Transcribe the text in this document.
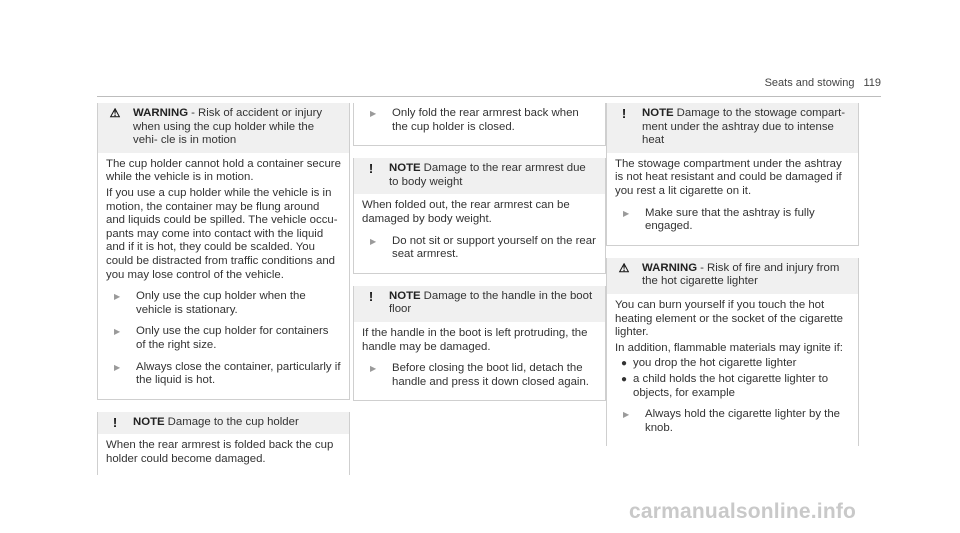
Seats and stowing 119
⚠ WARNING - Risk of accident or injury when using the cup holder while the vehi- cle is in motion

The cup holder cannot hold a container secure while the vehicle is in motion.

If you use a cup holder while the vehicle is in motion, the container may be flung around and liquids could be spilled. The vehicle occu- pants may come into contact with the liquid and if it is hot, they could be scalded. You could be distracted from traffic conditions and you may lose control of the vehicle.

▶	Only use the cup holder when the vehicle is stationary.
▶	Only use the cup holder for containers of the right size.
▶	Always close the container, particularly if the liquid is hot.
!	NOTE Damage to the cup holder

When the rear armrest is folded back the cup holder could become damaged.

▶	Only fold the rear armrest back when the cup holder is closed.
!	NOTE Damage to the rear armrest due to body weight

When folded out, the rear armrest can be damaged by body weight.

▶	Do not sit or support yourself on the rear seat armrest.
!	NOTE Damage to the handle in the boot floor

If the handle in the boot is left protruding, the handle may be damaged.

▶	Before closing the boot lid, detach the handle and press it down closed again.
!	NOTE Damage to the stowage compart- ment under the ashtray due to intense heat

The stowage compartment under the ashtray is not heat resistant and could be damaged if you rest a lit cigarette on it.

▶	Make sure that the ashtray is fully engaged.
⚠ WARNING - Risk of fire and injury from the hot cigarette lighter

You can burn yourself if you touch the hot heating element or the socket of the cigarette lighter.

In addition, flammable materials may ignite if:

● you drop the hot cigarette lighter
● a child holds the hot cigarette lighter to objects, for example
▶	Always hold the cigarette lighter by the knob.
carmanualsonline.info
